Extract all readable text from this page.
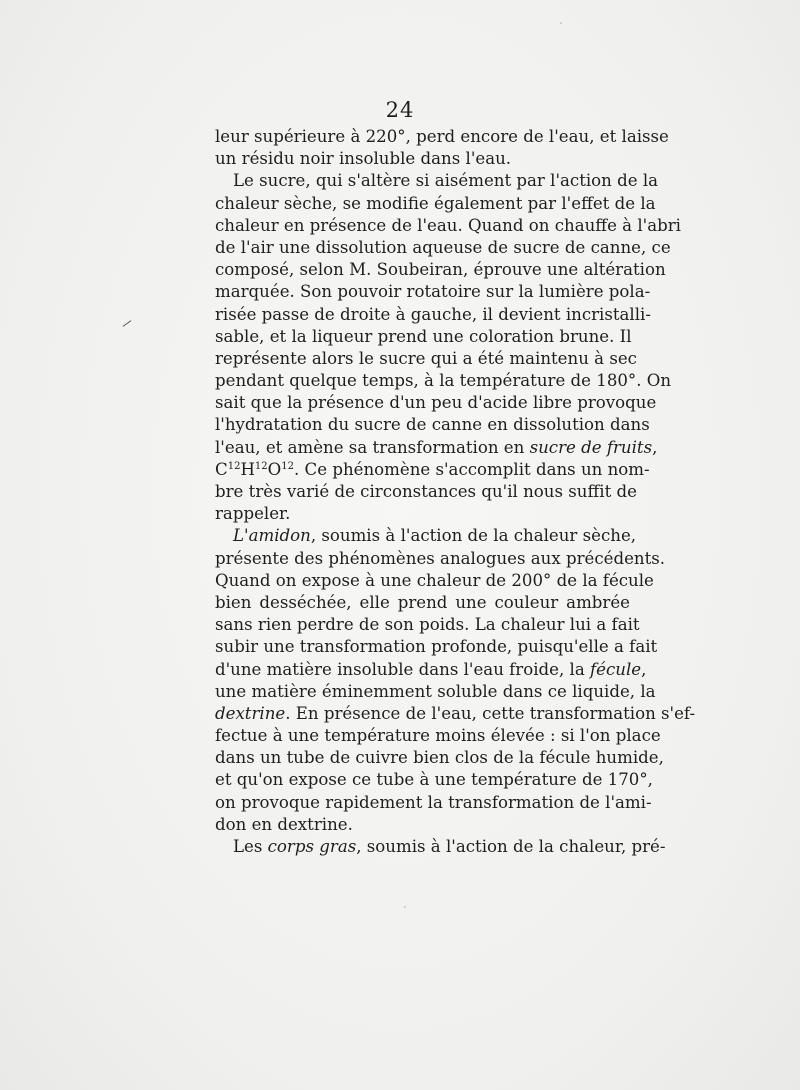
24
leur supérieure à 220°, perd encore de l'eau, et laisse
un résidu noir insoluble dans l'eau.
Le sucre, qui s'altère si aisément par l'action de la
chaleur sèche, se modifie également par l'effet de la
chaleur en présence de l'eau. Quand on chauffe à l'abri
de l'air une dissolution aqueuse de sucre de canne, ce
composé, selon M. Soubeiran, éprouve une altération
marquée. Son pouvoir rotatoire sur la lumière pola-
risée passe de droite à gauche, il devient incristalli-
sable, et la liqueur prend une coloration brune. Il
représente alors le sucre qui a été maintenu à sec
pendant quelque temps, à la température de 180°. On
sait que la présence d'un peu d'acide libre provoque
l'hydratation du sucre de canne en dissolution dans
l'eau, et amène sa transformation en sucre de fruits,
$C^{12}H^{12}O^{12}$. Ce phénomène s'accomplit dans un nom-
bre très varié de circonstances qu'il nous suffit de
rappeler.
L'amidon, soumis à l'action de la chaleur sèche,
présente des phénomènes analogues aux précédents.
Quand on expose à une chaleur de 200° de la fécule
bien desséchée, elle prend une couleur ambrée
sans rien perdre de son poids. La chaleur lui a fait
subir une transformation profonde, puisqu'elle a fait
d'une matière insoluble dans l'eau froide, la fécule,
une matière éminemment soluble dans ce liquide, la
dextrine. En présence de l'eau, cette transformation s'ef-
fectue à une température moins élevée : si l'on place
dans un tube de cuivre bien clos de la fécule humide,
et qu'on expose ce tube à une température de 170°,
on provoque rapidement la transformation de l'ami-
don en dextrine.
Les corps gras, soumis à l'action de la chaleur, pré-
